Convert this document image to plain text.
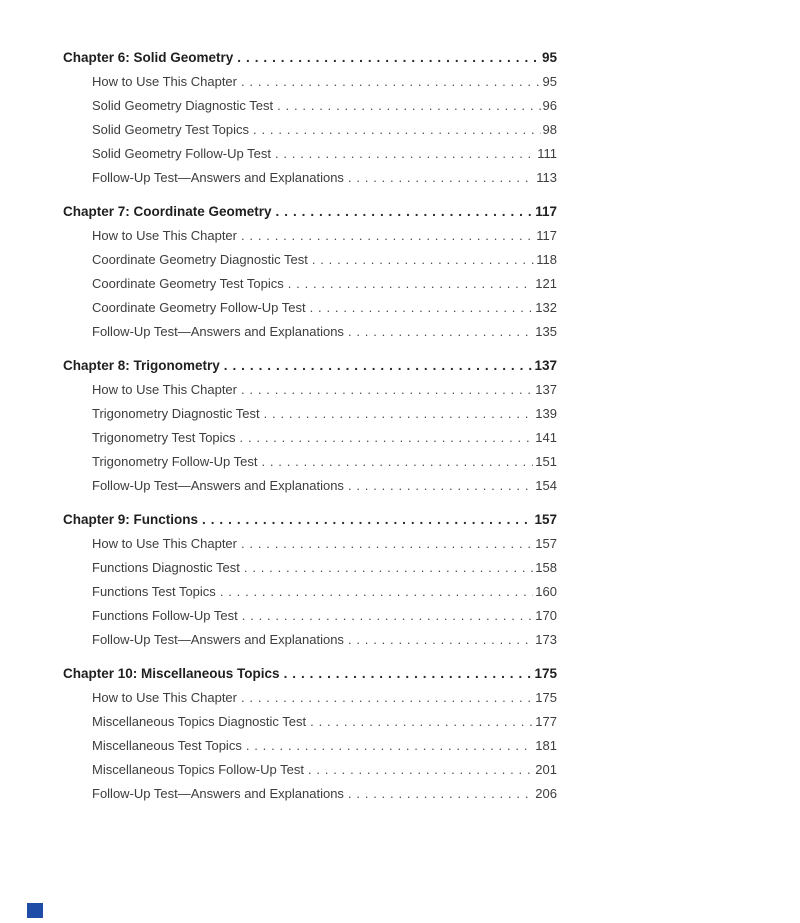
Chapter 6: Solid Geometry . . .	95
How to Use This Chapter . . .	95
Solid Geometry Diagnostic Test . . .	96
Solid Geometry Test Topics . . .	98
Solid Geometry Follow-Up Test . . .	111
Follow-Up Test—Answers and Explanations . . .	113
Chapter 7: Coordinate Geometry . . .	117
How to Use This Chapter . . .	117
Coordinate Geometry Diagnostic Test . . .	118
Coordinate Geometry Test Topics . . .	121
Coordinate Geometry Follow-Up Test . . .	132
Follow-Up Test—Answers and Explanations . . .	135
Chapter 8: Trigonometry . . .	137
How to Use This Chapter . . .	137
Trigonometry Diagnostic Test . . .	139
Trigonometry Test Topics . . .	141
Trigonometry Follow-Up Test . . .	151
Follow-Up Test—Answers and Explanations . . .	154
Chapter 9: Functions . . .	157
How to Use This Chapter . . .	157
Functions Diagnostic Test . . .	158
Functions Test Topics . . .	160
Functions Follow-Up Test . . .	170
Follow-Up Test—Answers and Explanations . . .	173
Chapter 10: Miscellaneous Topics . . .	175
How to Use This Chapter . . .	175
Miscellaneous Topics Diagnostic Test . . .	177
Miscellaneous Test Topics . . .	181
Miscellaneous Topics Follow-Up Test . . .	201
Follow-Up Test—Answers and Explanations . . .	206
